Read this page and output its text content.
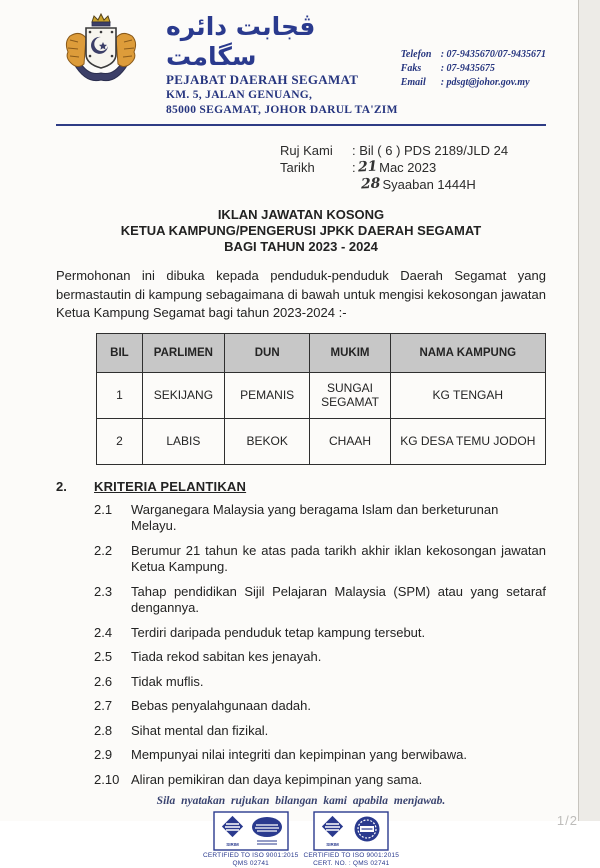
ڤجابت دائره سگامت
PEJABAT DAERAH SEGAMAT
KM. 5, JALAN GENUANG,
85000 SEGAMAT, JOHOR DARUL TA'ZIM
Telefon : 07-9435670/07-9435671
Faks	: 07-9435675
Email	: pdsgt@johor.gov.my
Ruj Kami	: Bil ( 6 ) PDS 2189/JLD 24
Tarikh	: 21 Mac 2023
28 Syaaban 1444H
IKLAN JAWATAN KOSONG
KETUA KAMPUNG/PENGERUSI JPKK DAERAH SEGAMAT
BAGI TAHUN 2023 - 2024
Permohonan ini dibuka kepada penduduk-penduduk Daerah Segamat yang bermastautin di kampung sebagaimana di bawah untuk mengisi kekosongan jawatan Ketua Kampung Segamat bagi tahun 2023-2024 :-
BIL	PARLIMEN	DUN	MUKIM	NAMA KAMPUNG
1	SEKIJANG	PEMANIS	SUNGAI SEGAMAT	KG TENGAH
2	LABIS	BEKOK	CHAAH	KG DESA TEMU JODOH
2.	KRITERIA PELANTIKAN
2.1	Warganegara Malaysia yang beragama Islam dan berketurunan Melayu.
2.2	Berumur 21 tahun ke atas pada tarikh akhir iklan kekosongan jawatan Ketua Kampung.
2.3	Tahap pendidikan Sijil Pelajaran Malaysia (SPM) atau yang setaraf dengannya.
2.4	Terdiri daripada penduduk tetap kampung tersebut.
2.5	Tiada rekod sabitan kes jenayah.
2.6	Tidak muflis.
2.7	Bebas penyalahgunaan dadah.
2.8	Sihat mental dan fizikal.
2.9	Mempunyai nilai integriti dan kepimpinan yang berwibawa.
2.10 Aliran pemikiran dan daya kepimpinan yang sama.
Sila nyatakan rujukan bilangan kami apabila menjawab.
SIRIM
CERTIFIED TO ISO 9001:2015
QMS 02741
SIRIM
CERTIFIED TO ISO 9001:2015
CERT. NO. : QMS 02741
1/2
